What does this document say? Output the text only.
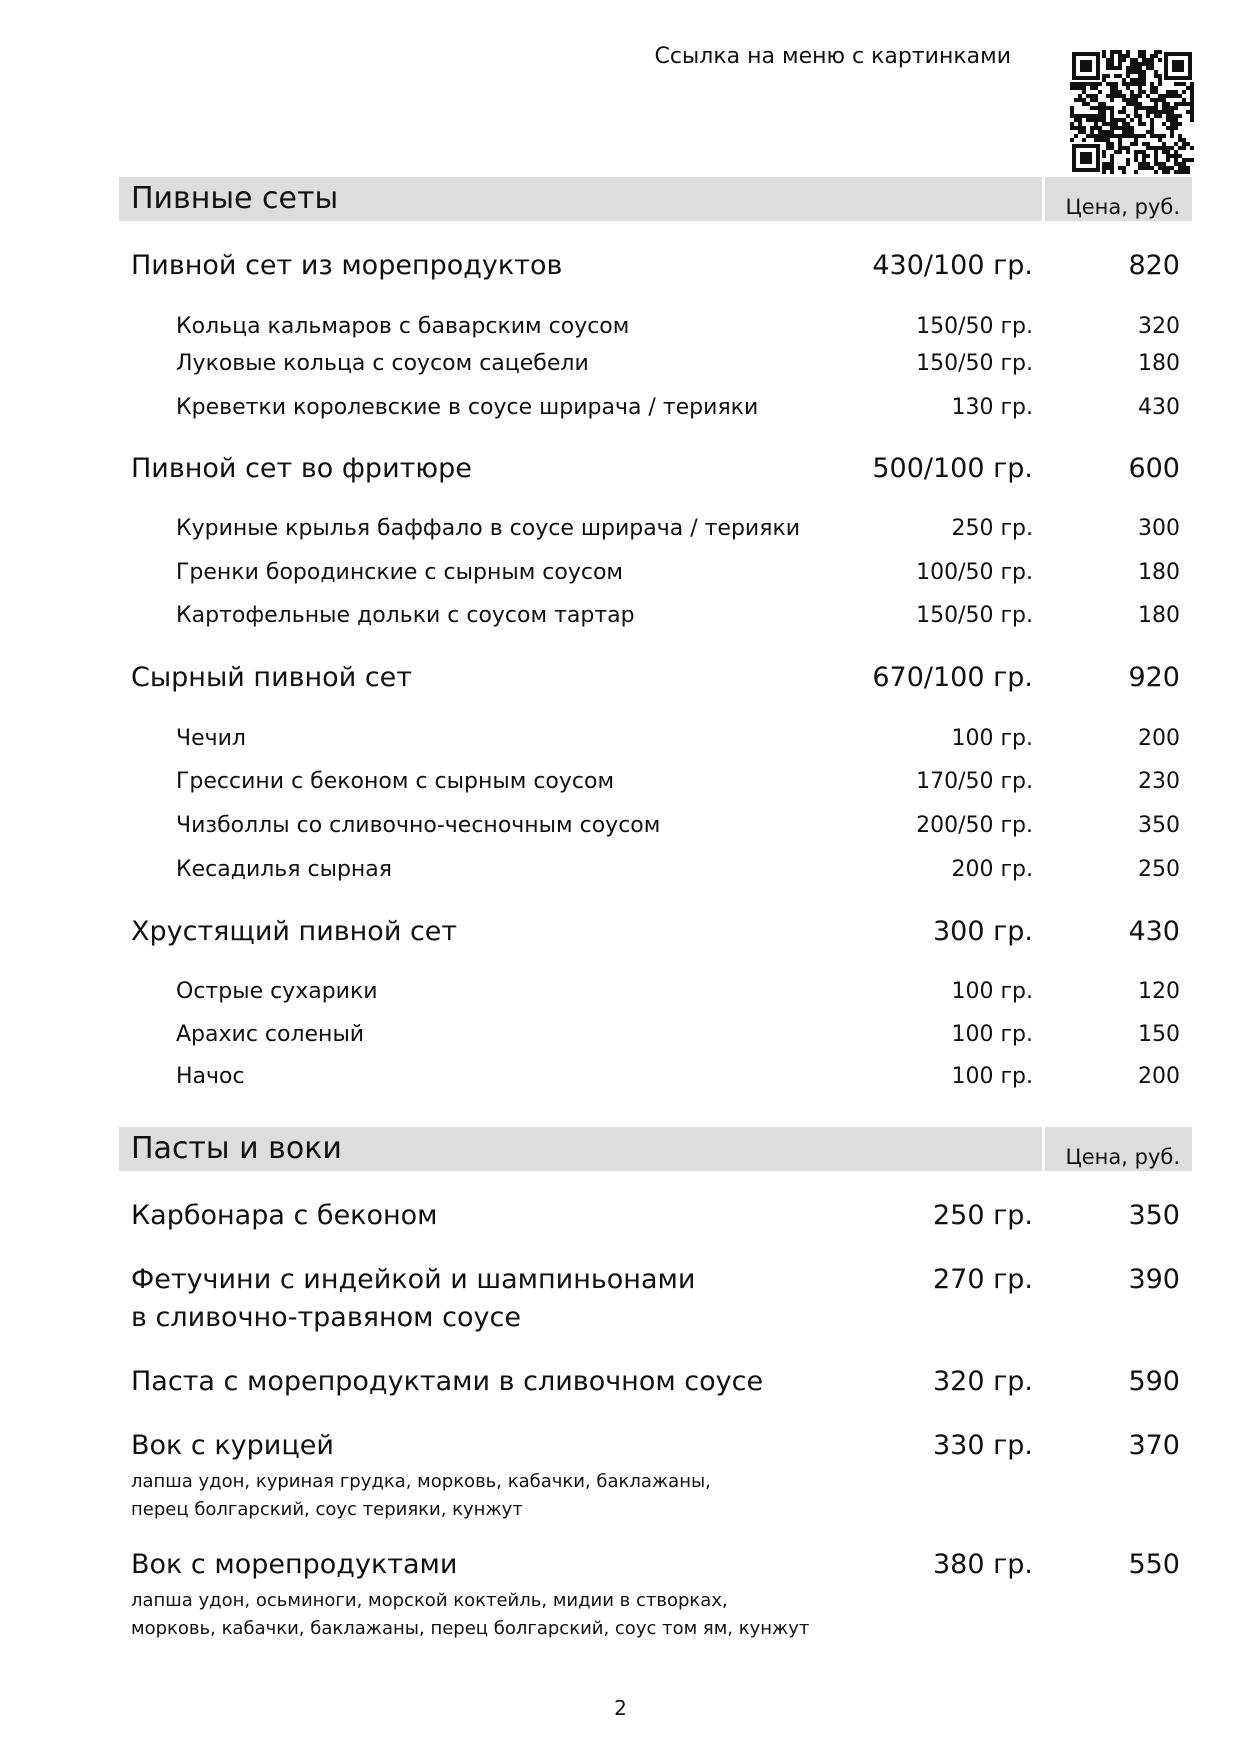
Ссылка на меню с картинками
Пивные сеты	Цена, руб.
Пивной сет из морепродуктов	430/100 гр.	820
Кольца кальмаров с баварским соусом	150/50 гр.	320
Луковые кольца с соусом сацебели	150/50 гр.	180
Креветки королевские в соусе шрирача / терияки	130 гр.	430
Пивной сет во фритюре	500/100 гр.	600
Куриные крылья баффало в соусе шрирача / терияки	250 гр.	300
Гренки бородинские с сырным соусом	100/50 гр.	180
Картофельные дольки с соусом тартар	150/50 гр.	180
Сырный пивной сет	670/100 гр.	920
Чечил	100 гр.	200
Грессини с беконом с сырным соусом	170/50 гр.	230
Чизболлы со сливочно-чесночным соусом	200/50 гр.	350
Кесадилья сырная	200 гр.	250
Хрустящий пивной сет	300 гр.	430
Острые сухарики	100 гр.	120
Арахис соленый	100 гр.	150
Начос	100 гр.	200
Пасты и воки	Цена, руб.
Карбонара с беконом	250 гр.	350
Фетучини с индейкой и шампиньонами
в сливочно-травяном соусе
270 гр.	390
Паста с морепродуктами в сливочном соусе	320 гр.	590
Вок с курицей	330 гр.	370
лапша удон, куриная грудка, морковь, кабачки, баклажаны,
перец болгарский, соус терияки, кунжут
Вок с морепродуктами	380 гр.	550
лапша удон, осьминоги, морской коктейль, мидии в створках,
морковь, кабачки, баклажаны, перец болгарский, соус том ям, кунжут
2
